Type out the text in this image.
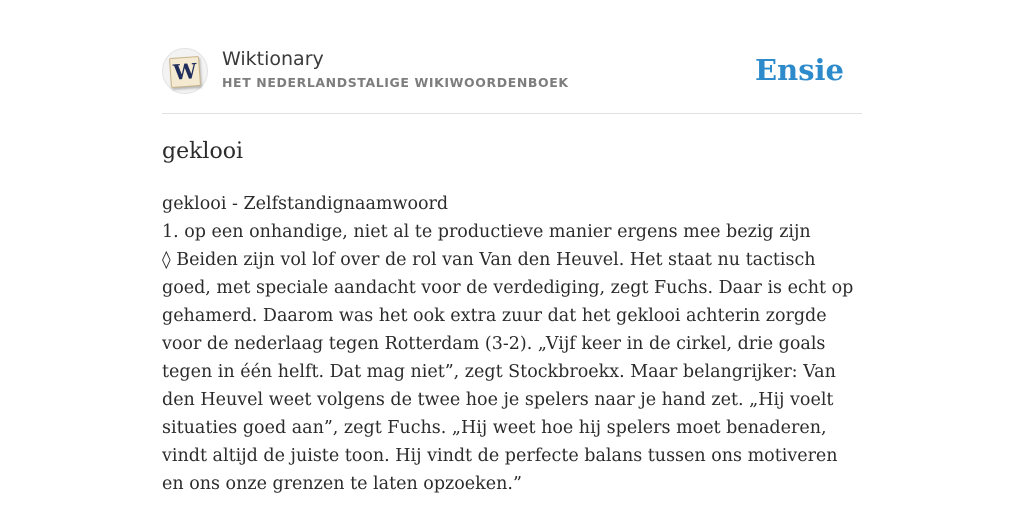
W Wiktionary
HET NEDERLANDSTALIGE WIKIWOORDENBOEK	Ensie
geklooi

geklooi - Zelfstandignaamwoord

1. op een onhandige, niet al te productieve manier ergens mee bezig zijn

◊ Beiden zijn vol lof over de rol van Van den Heuvel. Het staat nu tactisch goed, met speciale aandacht voor de verdediging, zegt Fuchs. Daar is echt op gehamerd. Daarom was het ook extra zuur dat het geklooi achterin zorgde voor de nederlaag tegen Rotterdam (3-2). „Vijf keer in de cirkel, drie goals tegen in één helft. Dat mag niet”, zegt Stockbroekx. Maar belangrijker: Van den Heuvel weet volgens de twee hoe je spelers naar je hand zet. „Hij voelt situaties goed aan”, zegt Fuchs. „Hij weet hoe hij spelers moet benaderen, vindt altijd de juiste toon. Hij vindt de perfecte balans tussen ons motiveren en ons onze grenzen te laten opzoeken.”
